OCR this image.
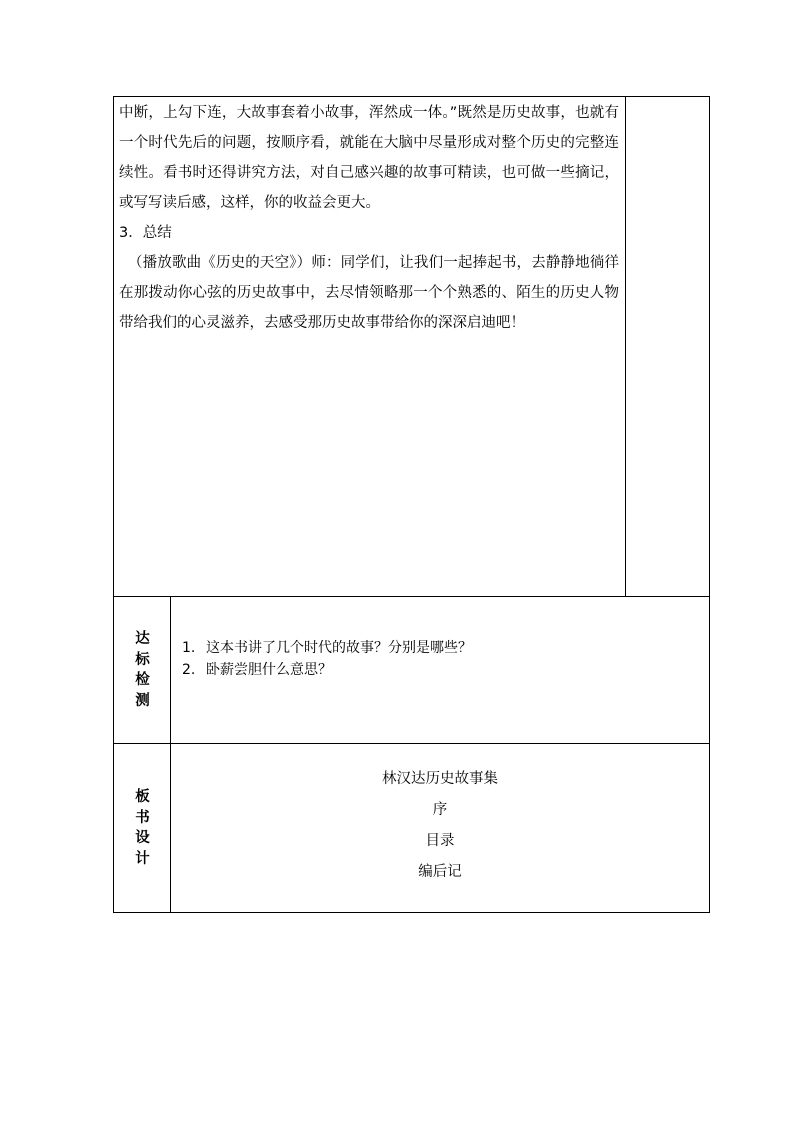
中断，上勾下连，大故事套着小故事，浑然成一体。”既然是历史故事，也就有一个时代先后的问题，按顺序看，就能在大脑中尽量形成对整个历史的完整连续性。看书时还得讲究方法，对自己感兴趣的故事可精读，也可做一些摘记，或写写读后感，这样，你的收益会更大。
3．总结
（播放歌曲《历史的天空》）师：同学们，让我们一起捧起书，去静静地徜徉在那拨动你心弦的历史故事中，去尽情领略那一个个熟悉的、陌生的历史人物带给我们的心灵滋养，去感受那历史故事带给你的深深启迪吧！
达
标
检
测
1. 这本书讲了几个时代的故事？分别是哪些？
2. 卧薪尝胆什么意思？
板
书
设
计
林汉达历史故事集
序
目录
编后记
